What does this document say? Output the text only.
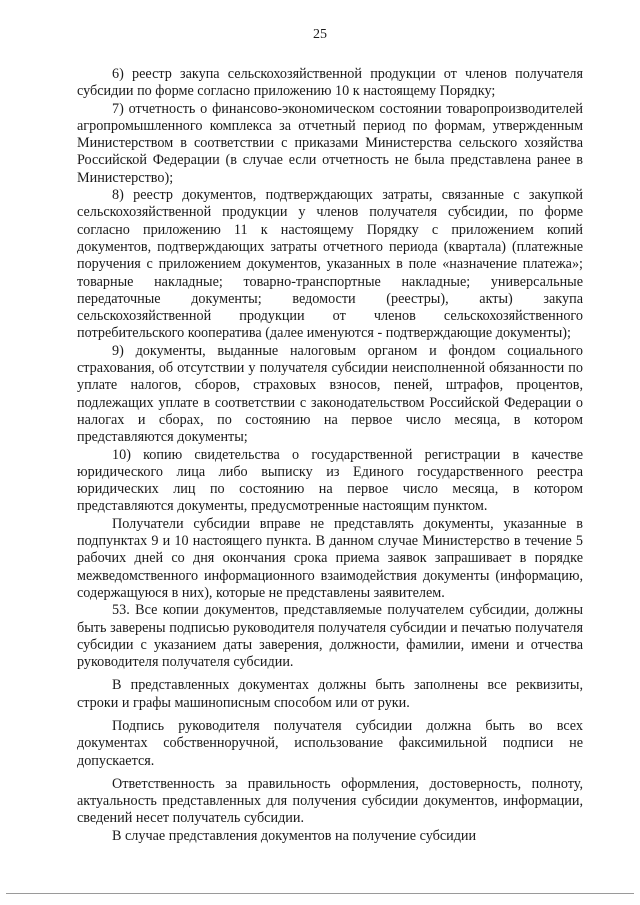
25

6) реестр закупа сельскохозяйственной продукции от членов получателя субсидии по форме согласно приложению 10 к настоящему Порядку;

7) отчетность о финансово-экономическом состоянии товаропроизводителей агропромышленного комплекса за отчетный период по формам, утвержденным Министерством в соответствии с приказами Министерства сельского хозяйства Российской Федерации (в случае если отчетность не была представлена ранее в Министерство);

8) реестр документов, подтверждающих затраты, связанные с закупкой сельскохозяйственной продукции у членов получателя субсидии, по форме согласно приложению 11 к настоящему Порядку с приложением копий документов, подтверждающих затраты отчетного периода (квартала) (платежные поручения с приложением документов, указанных в поле «назначение платежа»; товарные накладные; товарно-транспортные накладные; универсальные передаточные документы; ведомости (реестры), акты) закупа сельскохозяйственной продукции от членов сельскохозяйственного потребительского кооператива (далее именуются - подтверждающие документы);

9) документы, выданные налоговым органом и фондом социального страхования, об отсутствии у получателя субсидии неисполненной обязанности по уплате налогов, сборов, страховых взносов, пеней, штрафов, процентов, подлежащих уплате в соответствии с законодательством Российской Федерации о налогах и сборах, по состоянию на первое число месяца, в котором представляются документы;

10) копию свидетельства о государственной регистрации в качестве юридического лица либо выписку из Единого государственного реестра юридических лиц по состоянию на первое число месяца, в котором представляются документы, предусмотренные настоящим пунктом.

Получатели субсидии вправе не представлять документы, указанные в подпунктах 9 и 10 настоящего пункта. В данном случае Министерство в течение 5 рабочих дней со дня окончания срока приема заявок запрашивает в порядке межведомственного информационного взаимодействия документы (информацию, содержащуюся в них), которые не представлены заявителем.

53. Все копии документов, представляемые получателем субсидии, должны быть заверены подписью руководителя получателя субсидии и печатью получателя субсидии с указанием даты заверения, должности, фамилии, имени и отчества руководителя получателя субсидии.

В представленных документах должны быть заполнены все реквизиты, строки и графы машинописным способом или от руки.

Подпись руководителя получателя субсидии должна быть во всех документах собственноручной, использование факсимильной подписи не допускается.

Ответственность за правильность оформления, достоверность, полноту, актуальность представленных для получения субсидии документов, информации, сведений несет получатель субсидии.

В случае представления документов на получение субсидии
